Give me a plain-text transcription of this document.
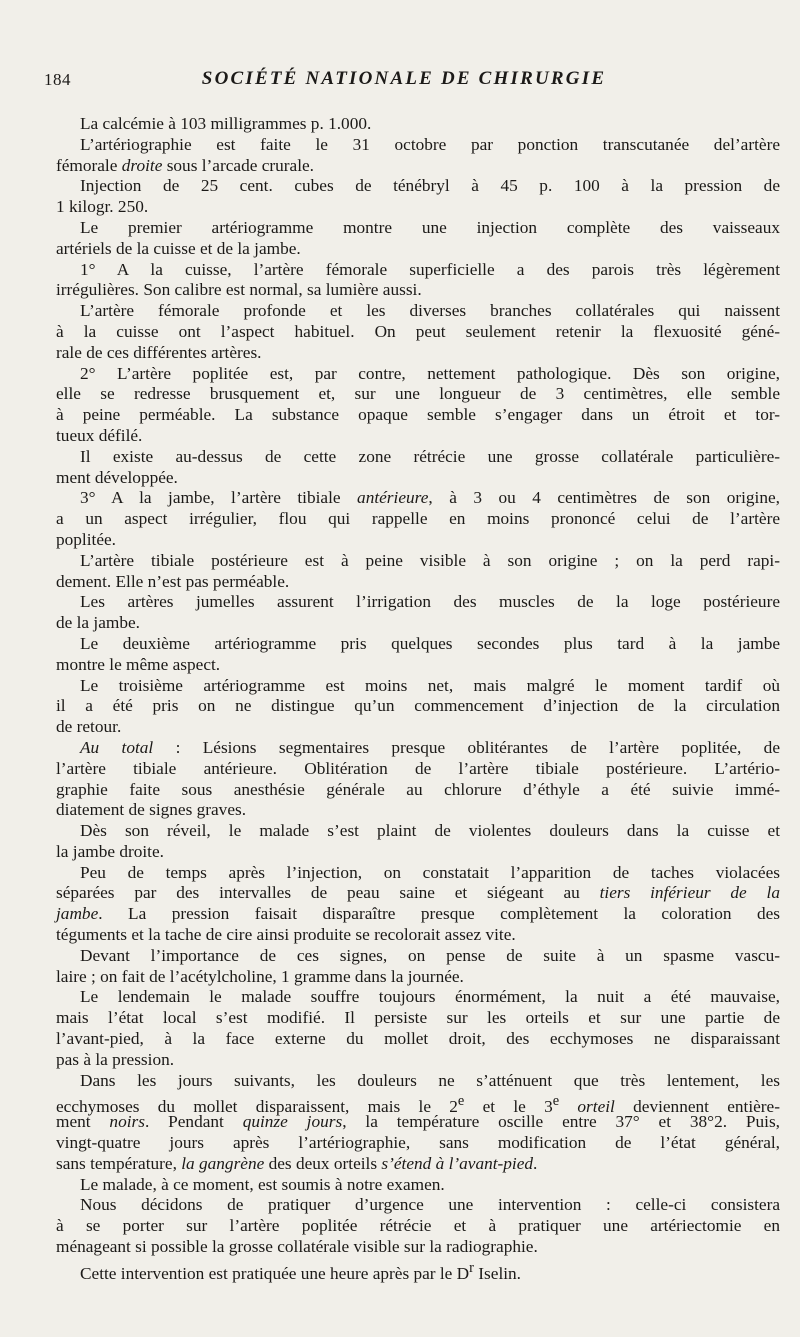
184	SOCIÉTÉ NATIONALE DE CHIRURGIE
La calcémie à 103 milligrammes p. 1.000.
L’artériographie est faite le 31 octobre par ponction transcutanée del’artère
fémorale droite sous l’arcade crurale.
Injection de 25 cent. cubes de ténébryl à 45 p. 100 à la pression de
1 kilogr. 250.
Le premier artériogramme montre une injection complète des vaisseaux
artériels de la cuisse et de la jambe.
1° A la cuisse, l’artère fémorale superficielle a des parois très légèrement
irrégulières. Son calibre est normal, sa lumière aussi.
L’artère fémorale profonde et les diverses branches collatérales qui naissent
à la cuisse ont l’aspect habituel. On peut seulement retenir la flexuosité géné-
rale de ces différentes artères.
2° L’artère poplitée est, par contre, nettement pathologique. Dès son origine,
elle se redresse brusquement et, sur une longueur de 3 centimètres, elle semble
à peine perméable. La substance opaque semble s’engager dans un étroit et tor-
tueux défilé.
Il existe au-dessus de cette zone rétrécie une grosse collatérale particulière-
ment développée.
3° A la jambe, l’artère tibiale antérieure, à 3 ou 4 centimètres de son origine,
a un aspect irrégulier, flou qui rappelle en moins prononcé celui de l’artère
poplitée.
L’artère tibiale postérieure est à peine visible à son origine ; on la perd rapi-
dement. Elle n’est pas perméable.
Les artères jumelles assurent l’irrigation des muscles de la loge postérieure
de la jambe.
Le deuxième artériogramme pris quelques secondes plus tard à la jambe
montre le même aspect.
Le troisième artériogramme est moins net, mais malgré le moment tardif où
il a été pris on ne distingue qu’un commencement d’injection de la circulation
de retour.
Au total : Lésions segmentaires presque oblitérantes de l’artère poplitée, de
l’artère tibiale antérieure. Oblitération de l’artère tibiale postérieure. L’artério-
graphie faite sous anesthésie générale au chlorure d’éthyle a été suivie immé-
diatement de signes graves.
Dès son réveil, le malade s’est plaint de violentes douleurs dans la cuisse et
la jambe droite.
Peu de temps après l’injection, on constatait l’apparition de taches violacées
séparées par des intervalles de peau saine et siégeant au tiers inférieur de la
jambe. La pression faisait disparaître presque complètement la coloration des
téguments et la tache de cire ainsi produite se recolorait assez vite.
Devant l’importance de ces signes, on pense de suite à un spasme vascu-
laire ; on fait de l’acétylcholine, 1 gramme dans la journée.
Le lendemain le malade souffre toujours énormément, la nuit a été mauvaise,
mais l’état local s’est modifié. Il persiste sur les orteils et sur une partie de
l’avant-pied, à la face externe du mollet droit, des ecchymoses ne disparaissant
pas à la pression.
Dans les jours suivants, les douleurs ne s’atténuent que très lentement, les
ecchymoses du mollet disparaissent, mais le 2e et le 3e orteil deviennent entière-
ment noirs. Pendant quinze jours, la température oscille entre 37° et 38°2. Puis,
vingt-quatre jours après l’artériographie, sans modification de l’état général,
sans température, la gangrène des deux orteils s’étend à l’avant-pied.
Le malade, à ce moment, est soumis à notre examen.
Nous décidons de pratiquer d’urgence une intervention : celle-ci consistera
à se porter sur l’artère poplitée rétrécie et à pratiquer une artériectomie en
ménageant si possible la grosse collatérale visible sur la radiographie.
Cette intervention est pratiquée une heure après par le $D^r$ Iselin.
